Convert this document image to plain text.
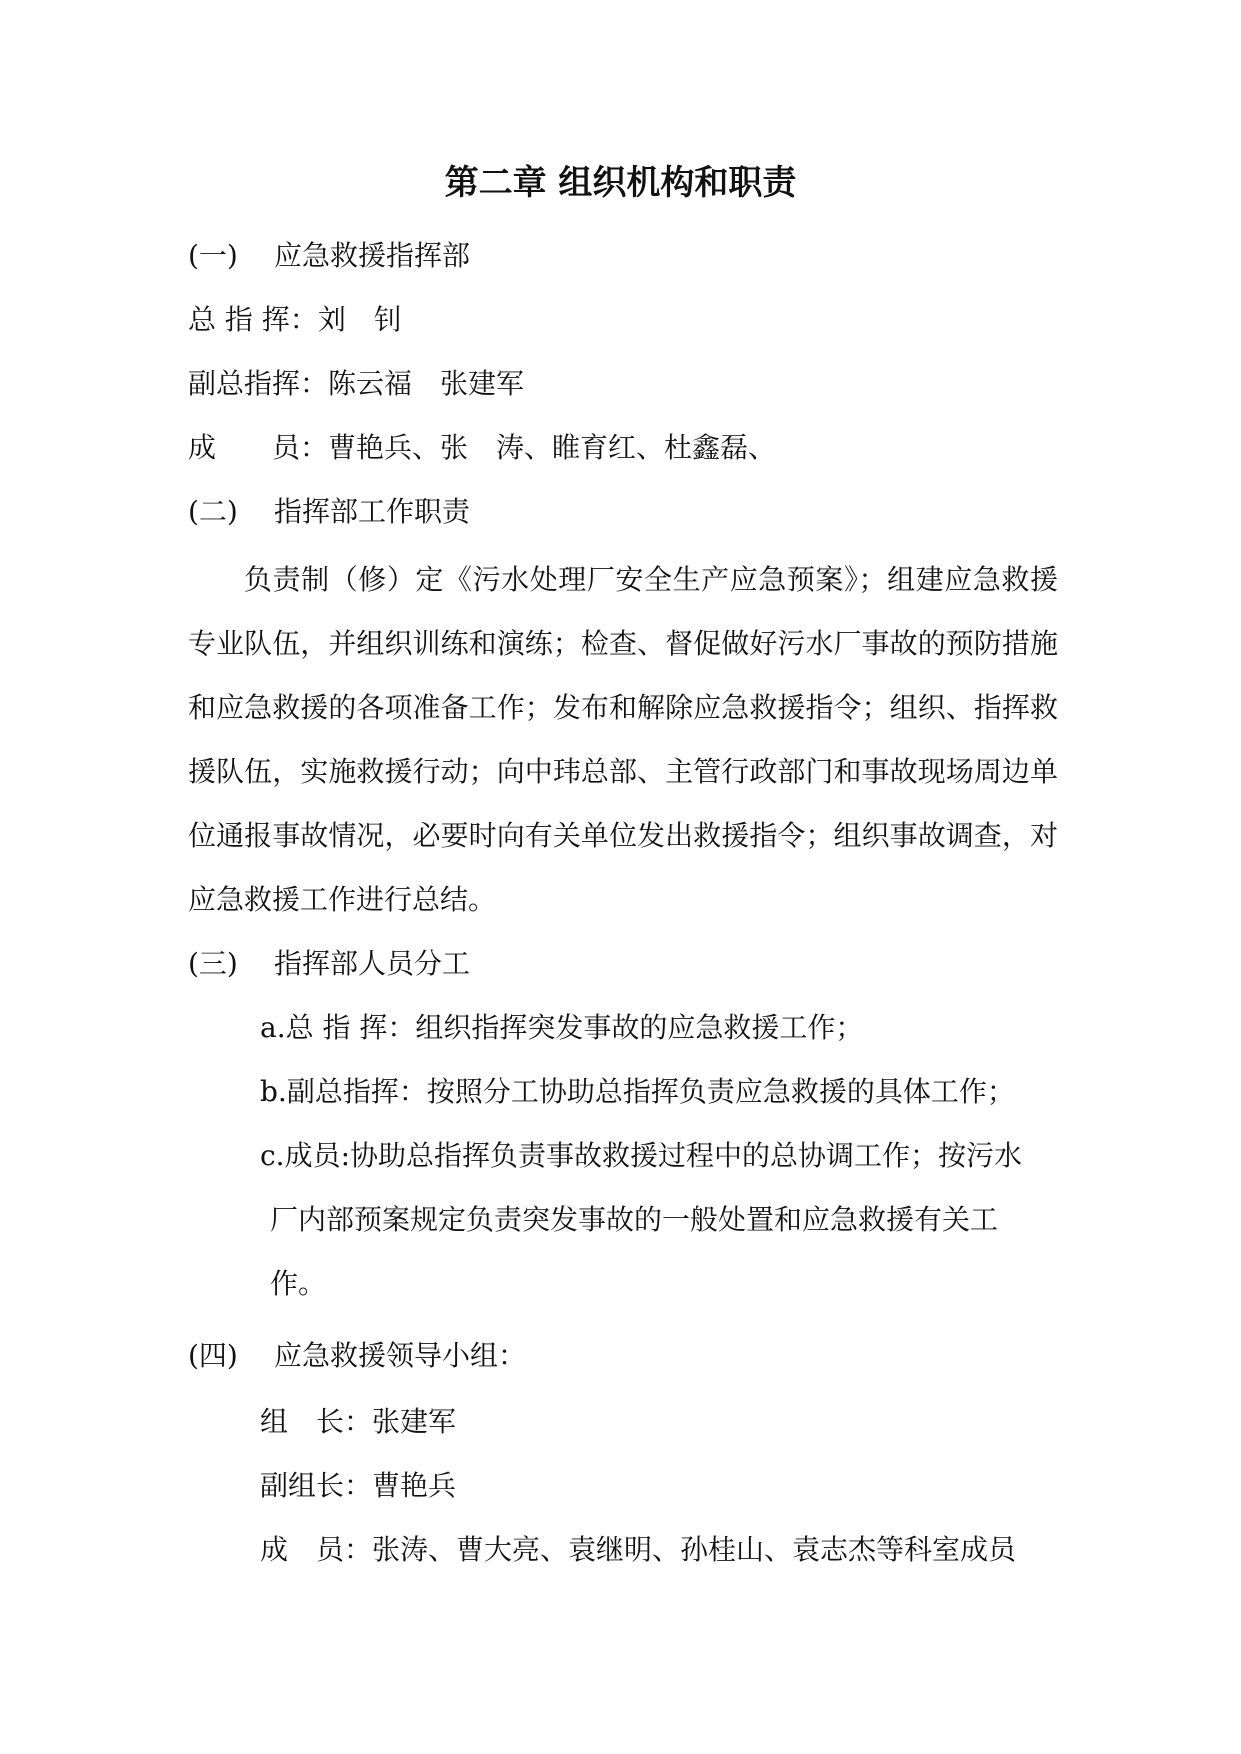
第二章 组织机构和职责
(一) 应急救援指挥部
总 指 挥：刘　钊
副总指挥：陈云福　张建军
成　　员：曹艳兵、张　涛、睢育红、杜鑫磊、
(二) 指挥部工作职责
负责制（修）定《污水处理厂安全生产应急预案》；组建应急救援专业队伍，并组织训练和演练；检查、督促做好污水厂事故的预防措施和应急救援的各项准备工作；发布和解除应急救援指令；组织、指挥救援队伍，实施救援行动；向中玮总部、主管行政部门和事故现场周边单位通报事故情况，必要时向有关单位发出救援指令；组织事故调查，对应急救援工作进行总结。
(三) 指挥部人员分工
a.总 指 挥：组织指挥突发事故的应急救援工作；
b.副总指挥：按照分工协助总指挥负责应急救援的具体工作；
c.成员:协助总指挥负责事故救援过程中的总协调工作；按污水
厂内部预案规定负责突发事故的一般处置和应急救援有关工
作。
(四) 应急救援领导小组：
组　长：张建军
副组长：曹艳兵
成　员：张涛、曹大亮、袁继明、孙桂山、袁志杰等科室成员
